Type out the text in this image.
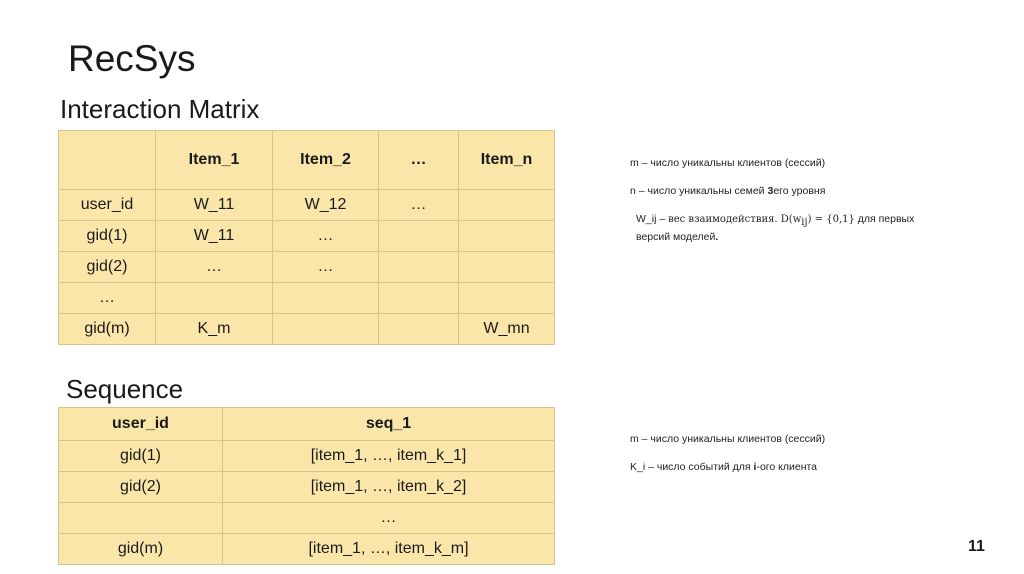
RecSys
Interaction Matrix
	Item_1	Item_2	…	Item_n
user_id	W_11	W_12	…	
gid(1)	W_11	…		
gid(2)	…	…		
…				
gid(m)	K_m			W_mn

m – число уникальны клиентов (сессий)

n – число уникальны семей 3его уровня

W_ij – вес взаимодействия. $D(w_{ij}) = \{0,1\}$ для первых
версий моделей.

Sequence
user_id	seq_1
gid(1)	[item_1, …, item_k_1]
gid(2)	[item_1, …, item_k_2]
	…
gid(m)	[item_1, …, item_k_m]

m – число уникальны клиентов (сессий)

K_i – число событий для i-ого клиента

11
